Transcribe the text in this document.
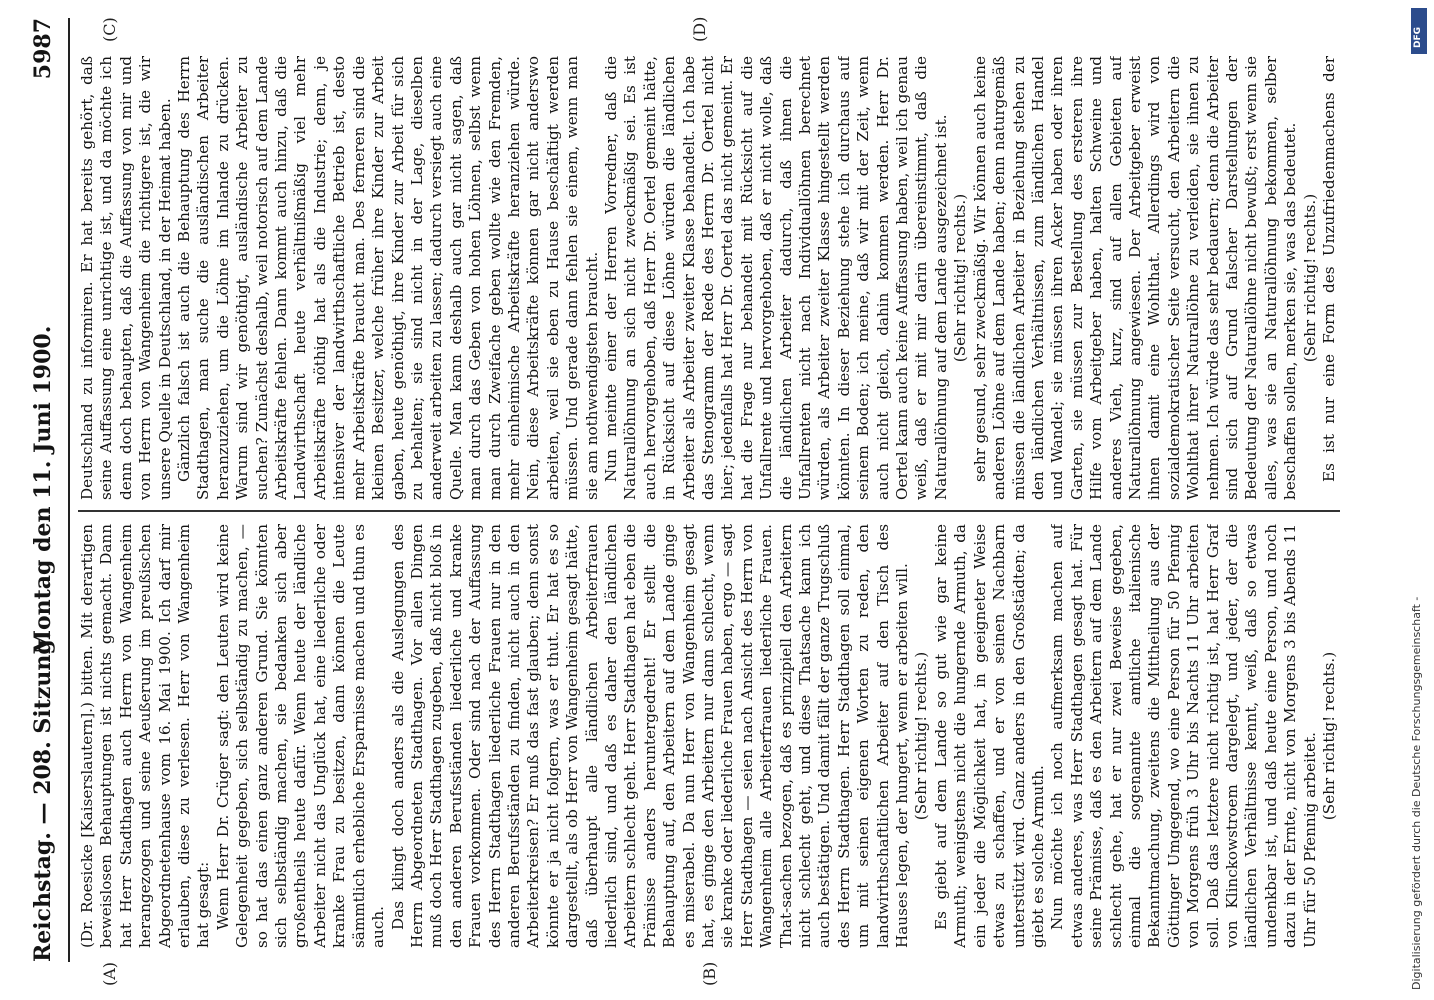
Reichstag. — 208. Sitzung.
Montag den 11. Juni 1900.
5987
(A)	(B)
(C)	(D)

(Dr. Roesicke [Kaiserslautern].) bitten. Mit derartigen beweislosen Behauptungen ist nichts gemacht. Dann hat Herr Stadthagen auch Herrn von Wangenheim herangezogen und seine Aeußerung im preußischen Abgeordnetenhause vom 16. Mai 1900. Ich darf mir erlauben, diese zu verlesen. Herr von Wangenheim hat gesagt: Wenn Herr Dr. Crüger sagt: den Leuten wird keine Gelegenheit gegeben, sich selbständig zu machen, — so hat das einen ganz anderen Grund. Sie könnten sich selbständig machen, sie bedanken sich aber großentheils heute dafür. Wenn heute der ländliche Arbeiter nicht das Unglück hat, eine liederliche oder kranke Frau zu besitzen, dann können die Leute sämmtlich erhebliche Ersparnisse machen und thun es auch. Das klingt doch anders als die Auslegungen des Herrn Abgeordneten Stadthagen. Vor allen Dingen muß doch Herr Stadthagen zugeben, daß nicht bloß in den anderen Berufsständen liederliche und kranke Frauen vorkommen. Oder sind nach der Auffassung des Herrn Stadthagen liederliche Frauen nur in den anderen Berufsständen zu finden, nicht auch in den Arbeiterkreisen? Er muß das fast glauben; denn sonst könnte er ja nicht folgern, was er thut. Er hat es so dargestellt, als ob Herr von Wangenheim gesagt hätte, daß überhaupt alle ländlichen Arbeiterfrauen liederlich sind, und daß es daher den ländlichen Arbeitern schlecht geht. Herr Stadthagen hat eben die Prämisse anders heruntergedreht! Er stellt die Behauptung auf, den Arbeitern auf dem Lande ginge es miserabel. Da nun Herr von Wangenheim gesagt hat, es ginge den Arbeitern nur dann schlecht, wenn sie kranke oder liederliche Frauen haben, ergo — sagt Herr Stadthagen — seien nach Ansicht des Herrn von Wangenheim alle Arbeiterfrauen liederliche Frauen. That-sachen bezogen, daß es prinzipiell den Arbeitern nicht schlecht geht, und diese Thatsache kann ich auch bestätigen. Und damit fällt der ganze Trugschluß des Herrn Stadthagen. Herr Stadthagen soll einmal, um mit seinen eigenen Worten zu reden, den landwirthschaftlichen Arbeiter auf den Tisch des Hauses legen, der hungert, wenn er arbeiten will. (Sehr richtig! rechts.) Es giebt auf dem Lande so gut wie gar keine Armuth; wenigstens nicht die hungernde Armuth, da ein jeder die Möglichkeit hat, in geeigneter Weise etwas zu schaffen, und er von seinen Nachbarn unterstützt wird. Ganz anders in den Großstädten; da giebt es solche Armuth. Nun möchte ich noch aufmerksam machen auf etwas anderes, was Herr Stadthagen gesagt hat. Für seine Prämisse, daß es den Arbeitern auf dem Lande schlecht gehe, hat er nur zwei Beweise gegeben, einmal die sogenannte amtliche italienische Bekanntmachung, zweitens die Mittheilung aus der Göttinger Umgegend, wo eine Person für 50 Pfennig von Morgens früh 3 Uhr bis Nachts 11 Uhr arbeiten soll. Daß das letztere nicht richtig ist, hat Herr Graf von Klinckowstroem dargelegt, und jeder, der die ländlichen Verhältnisse kennt, weiß, daß so etwas undenkbar ist, und daß heute eine Person, und noch dazu in der Ernte, nicht von Morgens 3 bis Abends 11 Uhr für 50 Pfennig arbeitet. (Sehr richtig! rechts.)

Deutschland zu informiren. Er hat bereits gehört, daß seine Auffassung eine unrichtige ist, und da möchte ich denn doch behaupten, daß die Auffassung von mir und von Herrn von Wangenheim die richtigere ist, die wir unsere Quelle in Deutschland, in der Heimat haben. Gänzlich falsch ist auch die Behauptung des Herrn Stadthagen, man suche die ausländischen Arbeiter heranzuziehen, um die Löhne im Inlande zu drücken. Warum sind wir genöthigt, ausländische Arbeiter zu suchen? Zunächst deshalb, weil notorisch auf dem Lande Arbeitskräfte fehlen. Dann kommt auch hinzu, daß die Landwirthschaft heute verhältnißmäßig viel mehr Arbeitskräfte nöthig hat als die Industrie; denn, je intensiver der landwirthschaftliche Betrieb ist, desto mehr Arbeitskräfte braucht man. Des ferneren sind die kleinen Besitzer, welche früher ihre Kinder zur Arbeit gaben, heute genöthigt, ihre Kinder zur Arbeit für sich zu behalten; sie sind nicht in der Lage, dieselben anderweit arbeiten zu lassen; dadurch versiegt auch eine Quelle. Man kann deshalb auch gar nicht sagen, daß man durch das Geben von hohen Löhnen, selbst wenn man durch Zweifache geben wollte wie den Fremden, mehr einheimische Arbeitskräfte heranziehen würde. Nein, diese Arbeitskräfte können gar nicht anderswo arbeiten, weil sie eben zu Hause beschäftigt werden müssen. Und gerade dann fehlen sie einem, wenn man sie am nothwendigsten braucht. Nun meinte einer der Herren Vorredner, daß die Naturallöhnung an sich nicht zweckmäßig sei. Es ist auch hervorgehoben, daß Herr Dr. Oertel gemeint hätte, in Rücksicht auf diese Löhne würden die ländlichen Arbeiter als Arbeiter zweiter Klasse behandelt. Ich habe das Stenogramm der Rede des Herrn Dr. Oertel nicht hier; jedenfalls hat Herr Dr. Oertel das nicht gemeint. Er hat die Frage nur behandelt mit Rücksicht auf die Unfallrente und hervorgehoben, daß er nicht wolle, daß die ländlichen Arbeiter dadurch, daß ihnen die Unfallrenten nicht nach Individuallöhnen berechnet würden, als Arbeiter zweiter Klasse hingestellt werden könnten. In dieser Beziehung stehe ich durchaus auf seinem Boden; ich meine, daß wir mit der Zeit, wenn auch nicht gleich, dahin kommen werden. Herr Dr. Oertel kann auch keine Auffassung haben, weil ich genau weiß, daß er mit mir darin übereinstimmt, daß die Naturallöhnung auf dem Lande ausgezeichnet ist. (Sehr richtig! rechts.) sehr gesund, sehr zweckmäßig. Wir können auch keine anderen Löhne auf dem Lande haben; denn naturgemäß müssen die ländlichen Arbeiter in Beziehung stehen zu den ländlichen Verhältnissen, zum ländlichen Handel und Wandel; sie müssen ihren Acker haben oder ihren Garten, sie müssen zur Bestellung des ersteren ihre Hilfe vom Arbeitgeber haben, halten Schweine und anderes Vieh, kurz, sind auf allen Gebieten auf Naturallöhnung angewiesen. Der Arbeitgeber erweist ihnen damit eine Wohlthat. Allerdings wird von sozialdemokratischer Seite versucht, den Arbeitern die Wohlthat ihrer Naturallöhne zu verleiden, sie ihnen zu nehmen. Ich würde das sehr bedauern; denn die Arbeiter sind sich auf Grund falscher Darstellungen der Bedeutung der Naturallöhne nicht bewußt; erst wenn sie alles, was sie an Naturallöhnung bekommen, selber beschaffen sollen, merken sie, was das bedeutet. (Sehr richtig! rechts.)

Es ist nur eine Form des Unzufriedenmachens der

Digitalisierung gefördert durch die Deutsche Forschungsgemeinschaft -
DFG
